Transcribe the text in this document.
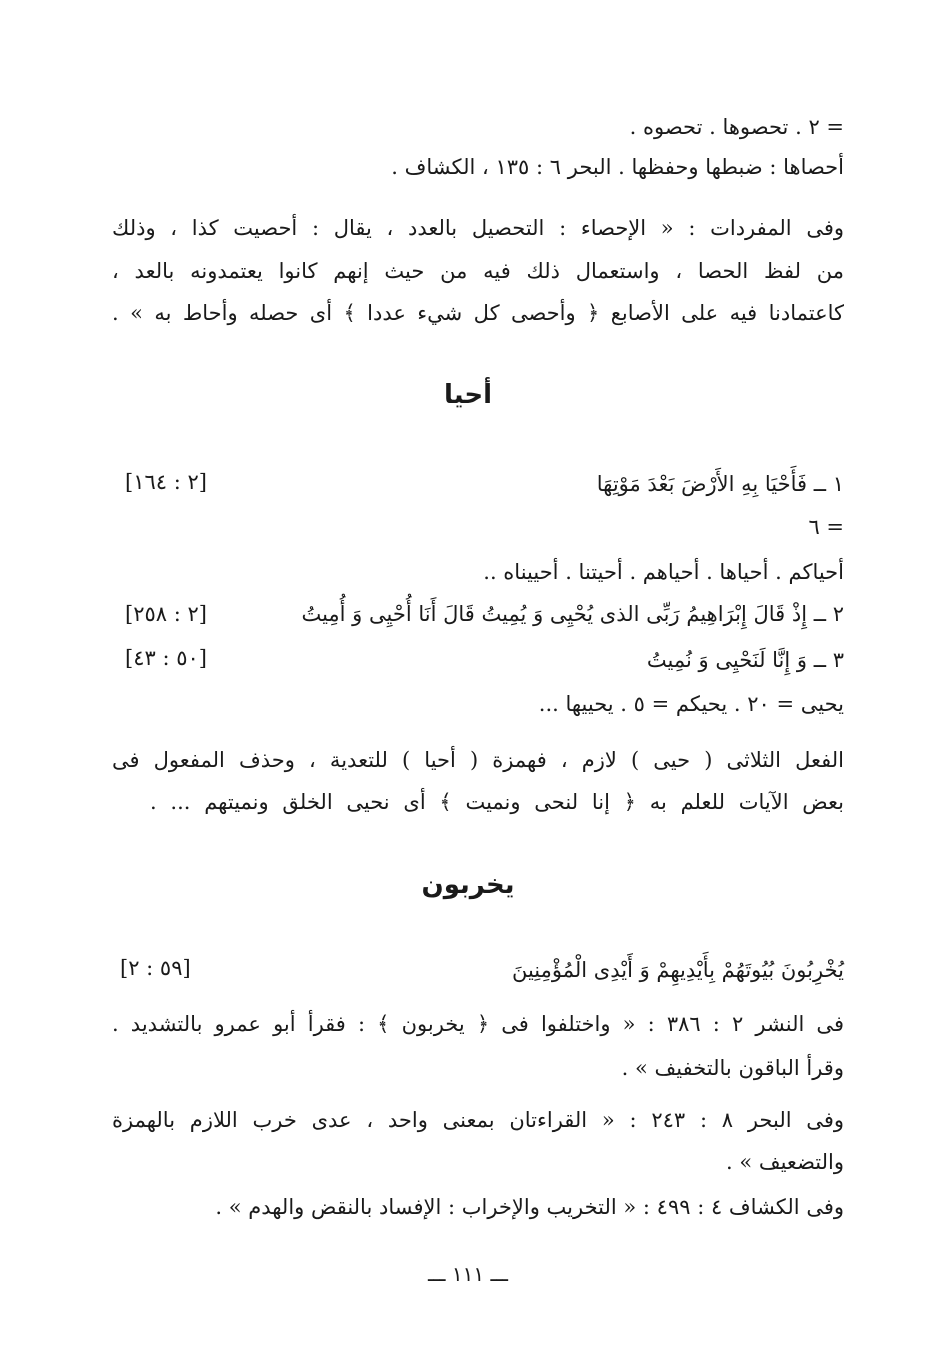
= ٢ . تحصوها . تحصوه .
أحصاها : ضبطها وحفظها . البحر ٦ : ١٣٥ ، الكشاف .
وفى المفردات : « الإحصاء : التحصيل بالعدد ، يقال : أحصيت كذا ، وذلك
من لفظ الحصا ، واستعمال ذلك فيه من حيث إنهم كانوا يعتمدونه بالعد ،
كاعتمادنا فيه على الأصابع ﴿ وأحصى كل شيء عددا ﴾ أى حصله وأحاط به » .
أحيا
١ ــ فَأَحْيَا بِهِ الأَرْضَ بَعْدَ مَوْتِهَا
[٢ : ١٦٤]
= ٦
أحياكم . أحياها . أحياهم . أحيتنا . أحييناه ..
٢ ــ إِذْ قَالَ إِبْرَاهِيمُ رَبِّى الذى يُحْيِى وَ يُمِيتُ قَالَ أَنَا أُحْيِى وَ أُمِيتُ
[٢ : ٢٥٨]
٣ ــ وَ إِنَّا لَنَحْيِى وَ نُمِيتُ
[٥٠ : ٤٣]
يحيى = ٢٠ . يحيكم = ٥ . يحييها ...
الفعل الثلاثى ( حيى ) لازم ، فهمزة ( أحيا ) للتعدية ، وحذف المفعول فى
بعض الآيات للعلم به ﴿ إنا لنحى ونميت ﴾ أى نحيى الخلق ونميتهم ... .
يخربون
يُخْرِبُونَ بُيُوتَهُمْ بِأَيْدِيهِمْ وَ أَيْدِى الْمُؤْمِنِينَ
[٥٩ : ٢]
فى النشر ٢ : ٣٨٦ : « واختلفوا فى ﴿ يخربون ﴾ : فقرأ أبو عمرو بالتشديد .
وقرأ الباقون بالتخفيف » .
وفى البحر ٨ : ٢٤٣ : « القراءتان بمعنى واحد ، عدى خرب اللازم بالهمزة
والتضعيف » .
وفى الكشاف ٤ : ٤٩٩ : « التخريب والإخراب : الإفساد بالنقض والهدم » .
ـــ ١١١ ـــ
